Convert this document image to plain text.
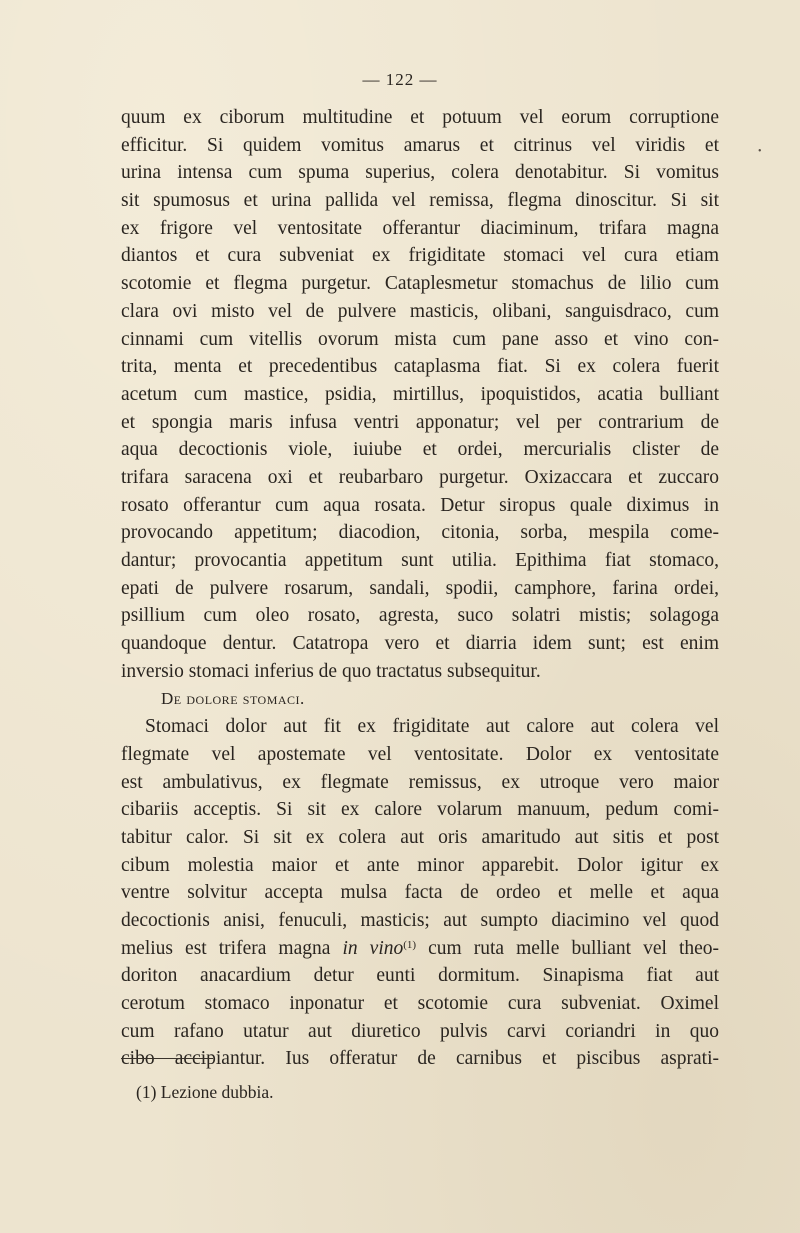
— 122 —
•
quum ex ciborum multitudine et potuum vel eorum corruptione
efficitur. Si quidem vomitus amarus et citrinus vel viridis et
urina intensa cum spuma superius, colera denotabitur. Si vomitus
sit spumosus et urina pallida vel remissa, flegma dinoscitur. Si sit
ex frigore vel ventositate offerantur diaciminum, trifara magna
diantos et cura subveniat ex frigiditate stomaci vel cura etiam
scotomie et flegma purgetur. Cataplesmetur stomachus de lilio cum
clara ovi misto vel de pulvere masticis, olibani, sanguisdraco, cum
cinnami cum vitellis ovorum mista cum pane asso et vino con-
trita, menta et precedentibus cataplasma fiat. Si ex colera fuerit
acetum cum mastice, psidia, mirtillus, ipoquistidos, acatia bulliant
et spongia maris infusa ventri apponatur; vel per contrarium de
aqua decoctionis viole, iuiube et ordei, mercurialis clister de
trifara saracena oxi et reubarbaro purgetur. Oxizaccara et zuccaro
rosato offerantur cum aqua rosata. Detur siropus quale diximus in
provocando appetitum; diacodion, citonia, sorba, mespila come-
dantur; provocantia appetitum sunt utilia. Epithima fiat stomaco,
epati de pulvere rosarum, sandali, spodii, camphore, farina ordei,
psillium cum oleo rosato, agresta, suco solatri mistis; solagoga
quandoque dentur. Catatropa vero et diarria idem sunt; est enim
inversio stomaci inferius de quo tractatus subsequitur.
De dolore stomaci.
Stomaci dolor aut fit ex frigiditate aut calore aut colera vel
flegmate vel apostemate vel ventositate. Dolor ex ventositate
est ambulativus, ex flegmate remissus, ex utroque vero maior
cibariis acceptis. Si sit ex calore volarum manuum, pedum comi-
tabitur calor. Si sit ex colera aut oris amaritudo aut sitis et post
cibum molestia maior et ante minor apparebit. Dolor igitur ex
ventre solvitur accepta mulsa facta de ordeo et melle et aqua
decoctionis anisi, fenuculi, masticis; aut sumpto diacimino vel quod
melius est trifera magna in vino$^{(1)}$ cum ruta melle bulliant vel theo-
doriton anacardium detur eunti dormitum. Sinapisma fiat aut
cerotum stomaco inponatur et scotomie cura subveniat. Oximel
cum rafano utatur aut diuretico pulvis carvi coriandri in quo
cibo accipiantur. Ius offeratur de carnibus et piscibus asprati-
(1) Lezione dubbia.
